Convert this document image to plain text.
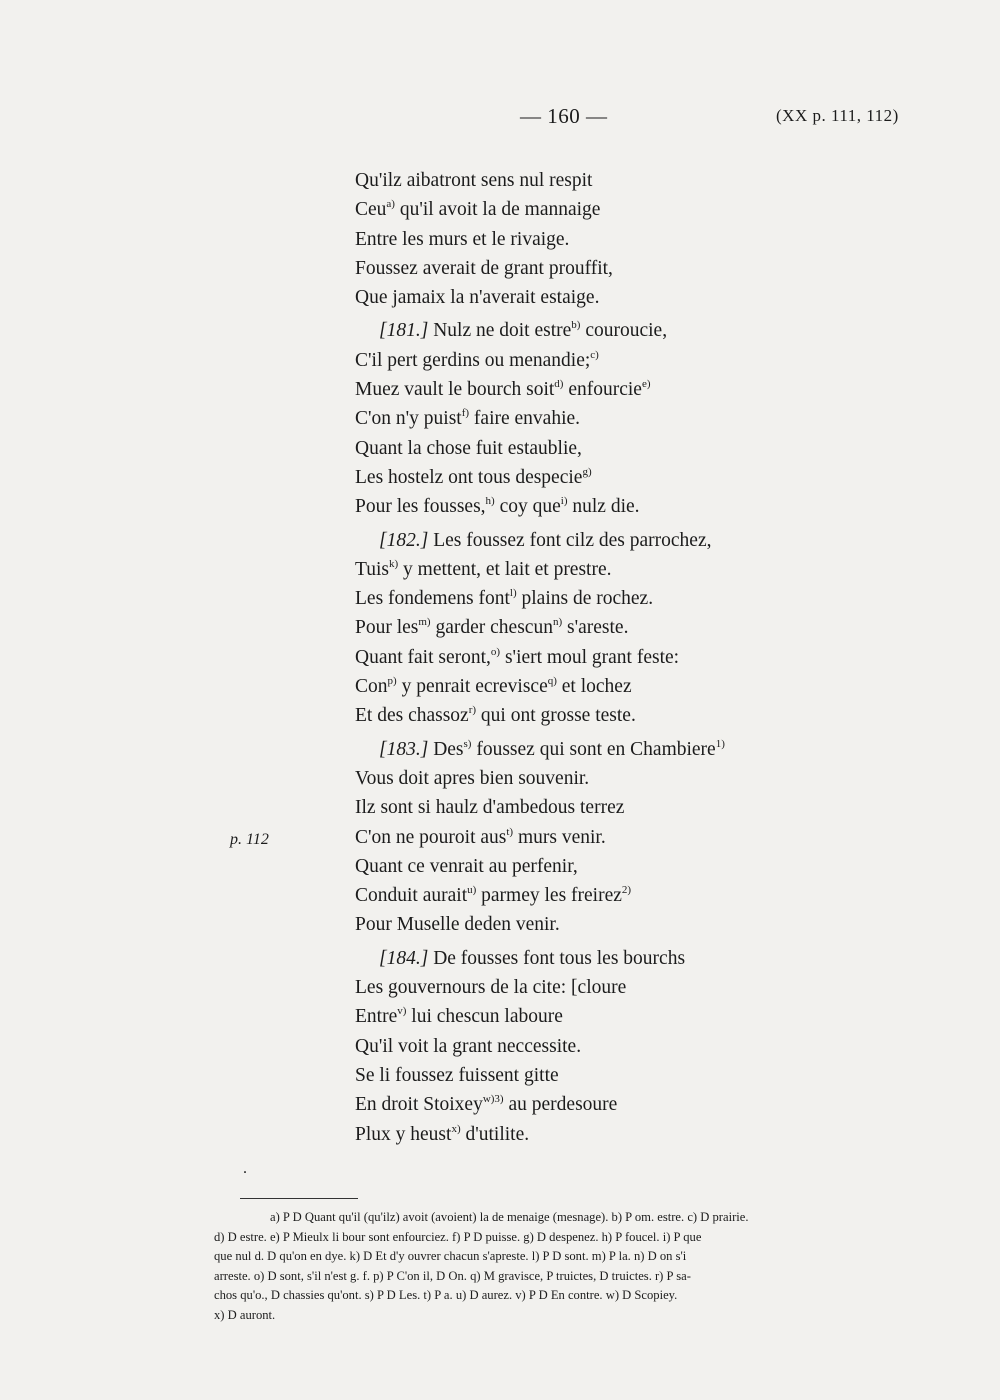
— 160 —	(XX p. 111, 112)
Qu'ilz aibatront sens nul respit
Ceu$^{a)}$ qu'il avoit la de mannaige
Entre les murs et le rivaige.
Foussez averait de grant prouffit,
Que jamaix la n'averait estaige.
[181.] Nulz ne doit estre$^{b)}$ couroucie,
C'il pert gerdins ou menandie;$^{c)}$
Muez vault le bourch soit$^{d)}$ enfourcie$^{e)}$
C'on n'y puist$^{f)}$ faire envahie.
Quant la chose fuit estaublie,
Les hostelz ont tous despecie$^{g)}$
Pour les fousses,$^{h)}$ coy que$^{i)}$ nulz die.
[182.] Les foussez font cilz des parrochez,
Tuis$^{k)}$ y mettent, et lait et prestre.
Les fondemens font$^{l)}$ plains de rochez.
Pour les$^{m)}$ garder chescun$^{n)}$ s'areste.
Quant fait seront,$^{o)}$ s'iert moul grant feste:
Con$^{p)}$ y penrait ecrevisce$^{q)}$ et lochez
Et des chassoz$^{r)}$ qui ont grosse teste.
[183.] Des$^{s)}$ foussez qui sont en Chambiere$^{1)}$
Vous doit apres bien souvenir.
Ilz sont si haulz d'ambedous terrez
C'on ne pouroit aus$^{t)}$ murs venir.
Quant ce venrait au perfenir,
Conduit aurait$^{u)}$ parmey les freirez$^{2)}$
Pour Muselle deden venir.
[184.] De fousses font tous les bourchs
Les gouvernours de la cite: [cloure
Entre$^{v)}$ lui chescun laboure
Qu'il voit la grant neccessite.
Se li foussez fuissent gitte
En droit Stoixey$^{w)3)}$ au perdesoure
Plux y heust$^{x)}$ d'utilite.
p. 112
.
a) P D Quant qu'il (qu'ilz) avoit (avoient) la de menaige (mesnage). b) P om. estre. c) D prairie.
d) D estre. e) P Mieulx li bour sont enfourciez. f) P D puisse. g) D despenez. h) P foucel. i) P que
que nul d. D qu'on en dye. k) D Et d'y ouvrer chacun s'apreste. l) P D sont. m) P la. n) D on s'i
arreste. o) D sont, s'il n'est g. f. p) P C'on il, D On. q) M gravisce, P truictes, D truictes. r) P sa-
chos qu'o., D chassies qu'ont. s) P D Les. t) P a. u) D aurez. v) P D En contre. w) D Scopiey.
x) D auront.
